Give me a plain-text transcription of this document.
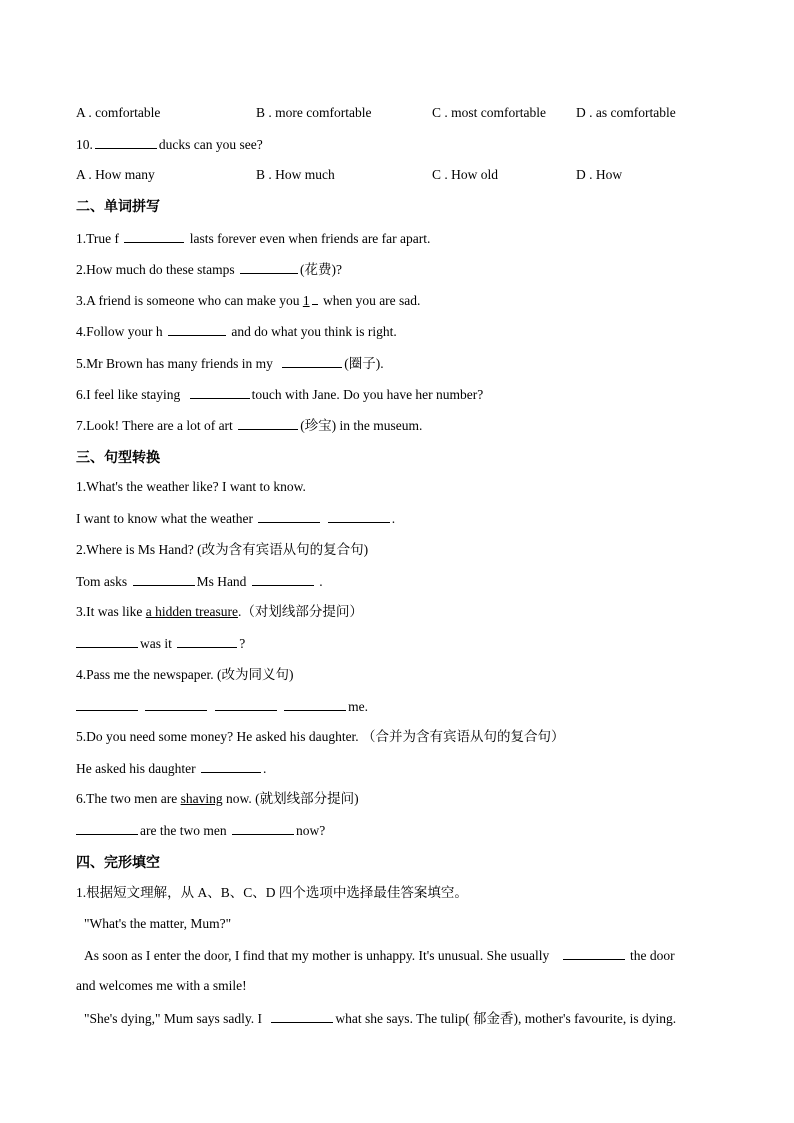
A . comfortable	B . more comfortable	C . most comfortable D . as comfortable
10.	ducks can you see?
A . How many	B . How much	C . How old	D . How
二、单词拼写
1.True f	lasts forever even when friends are far apart.
2.How much do these stamps	(花费)?
3.A friend is someone who can make you 1 when you are sad.
4.Follow your h	and do what you think is right.
5.Mr Brown has many friends in my	(圈子).
6.I feel like staying	touch with Jane. Do you have her number?
7.Look! There are a lot of art	(珍宝) in the museum.
三、句型转换
1.What's the weather like? I want to know.
I want to know what the weather	.
2.Where is Ms Hand? (改为含有宾语从句的复合句)
Tom asks	Ms Hand	.
3.It was like a hidden treasure.（对划线部分提问）
was it	?
4.Pass me the newspaper. (改为同义句)
me.
5.Do you need some money? He asked his daughter. （合并为含有宾语从句的复合句）
He asked his daughter	.
6.The two men are shaving now. (就划线部分提问)
are the two men	now?
四、完形填空
1.根据短文理解，从 A、B、C、D 四个选项中选择最佳答案填空。
"What's the matter, Mum?"
As soon as I enter the door, I find that my mother is unhappy. It's unusual. She usually	the door
and welcomes me with a smile!
"She's dying," Mum says sadly. I	what she says. The tulip( 郁金香), mother's favourite, is dying.
